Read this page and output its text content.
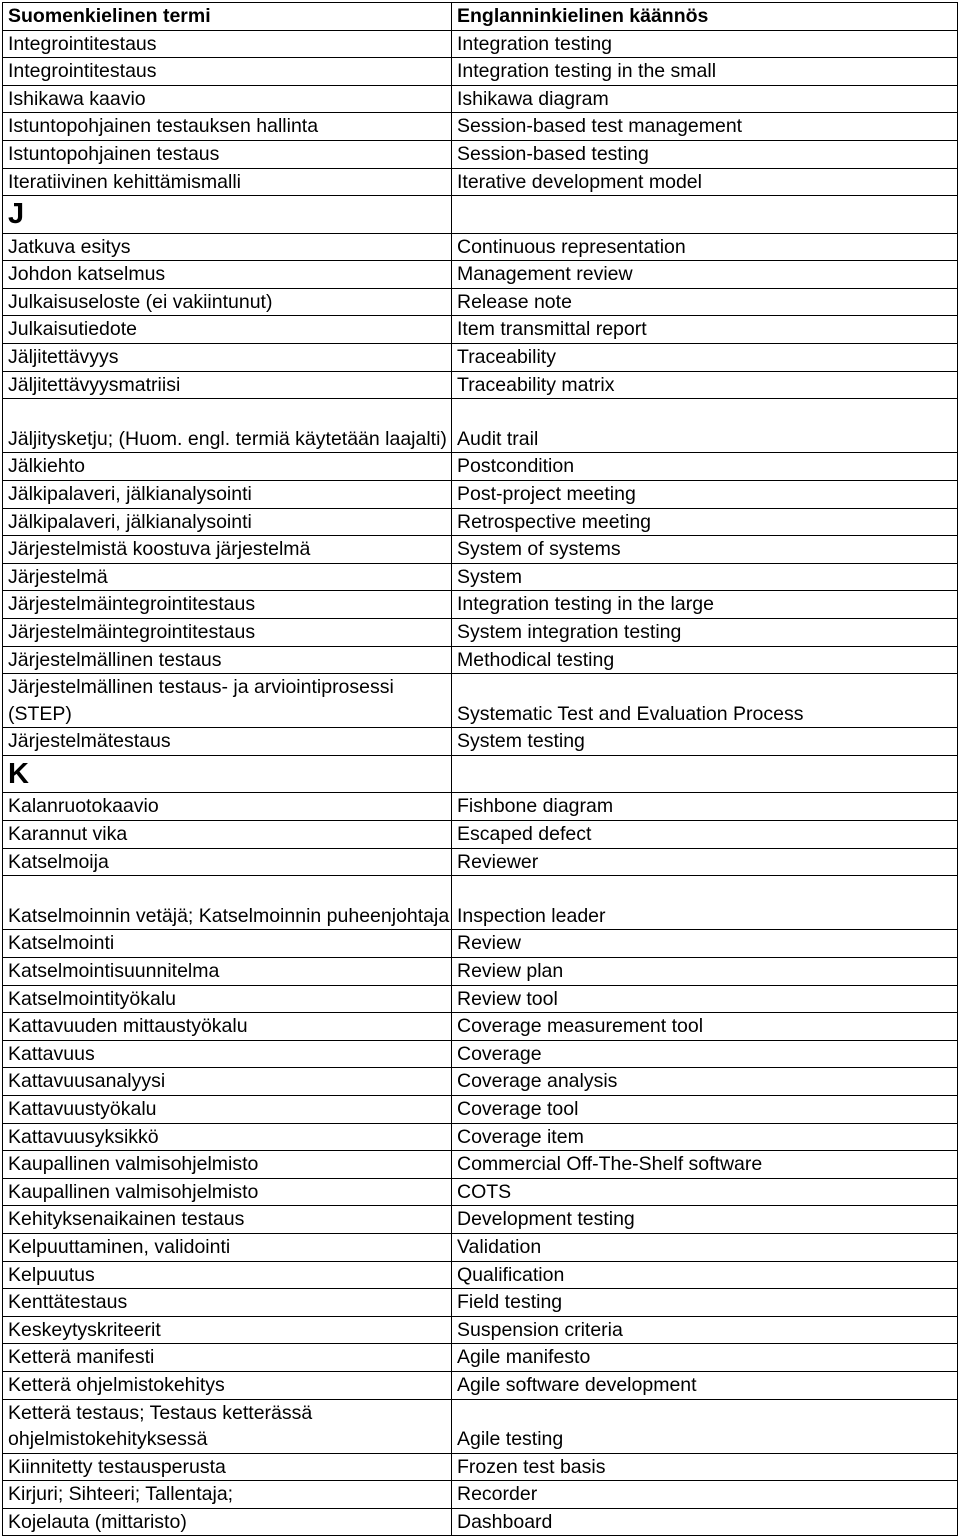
Suomenkielinen termi	Englanninkielinen käännös
Integrointitestaus	Integration testing
Integrointitestaus	Integration testing in the small
Ishikawa kaavio	Ishikawa diagram
Istuntopohjainen testauksen hallinta	Session-based test management
Istuntopohjainen testaus	Session-based testing
Iteratiivinen kehittämismalli	Iterative development model
J	
Jatkuva esitys	Continuous representation
Johdon katselmus	Management review
Julkaisuseloste (ei vakiintunut)	Release note
Julkaisutiedote	Item transmittal report
Jäljitettävyys	Traceability
Jäljitettävyysmatriisi	Traceability matrix
Jäljitysketju; (Huom. engl. termiä käytetään laajalti)	Audit trail
Jälkiehto	Postcondition
Jälkipalaveri, jälkianalysointi	Post-project meeting
Jälkipalaveri, jälkianalysointi	Retrospective meeting
Järjestelmistä koostuva järjestelmä	System of systems
Järjestelmä	System
Järjestelmäintegrointitestaus	Integration testing in the large
Järjestelmäintegrointitestaus	System integration testing
Järjestelmällinen testaus	Methodical testing
Järjestelmällinen testaus- ja arviointiprosessi (STEP)	Systematic Test and Evaluation Process
Järjestelmätestaus	System testing
K	
Kalanruotokaavio	Fishbone diagram
Karannut vika	Escaped defect
Katselmoija	Reviewer
Katselmoinnin vetäjä; Katselmoinnin puheenjohtaja	Inspection leader
Katselmointi	Review
Katselmointisuunnitelma	Review plan
Katselmointityökalu	Review tool
Kattavuuden mittaustyökalu	Coverage measurement tool
Kattavuus	Coverage
Kattavuusanalyysi	Coverage analysis
Kattavuustyökalu	Coverage tool
Kattavuusyksikkö	Coverage item
Kaupallinen valmisohjelmisto	Commercial Off-The-Shelf software
Kaupallinen valmisohjelmisto	COTS
Kehityksenaikainen testaus	Development testing
Kelpuuttaminen, validointi	Validation
Kelpuutus	Qualification
Kenttätestaus	Field testing
Keskeytyskriteerit	Suspension criteria
Ketterä manifesti	Agile manifesto
Ketterä ohjelmistokehitys	Agile software development
Ketterä testaus; Testaus ketterässä ohjelmistokehityksessä	Agile testing
Kiinnitetty testausperusta	Frozen test basis
Kirjuri; Sihteeri; Tallentaja;	Recorder
Kojelauta (mittaristo)	Dashboard
